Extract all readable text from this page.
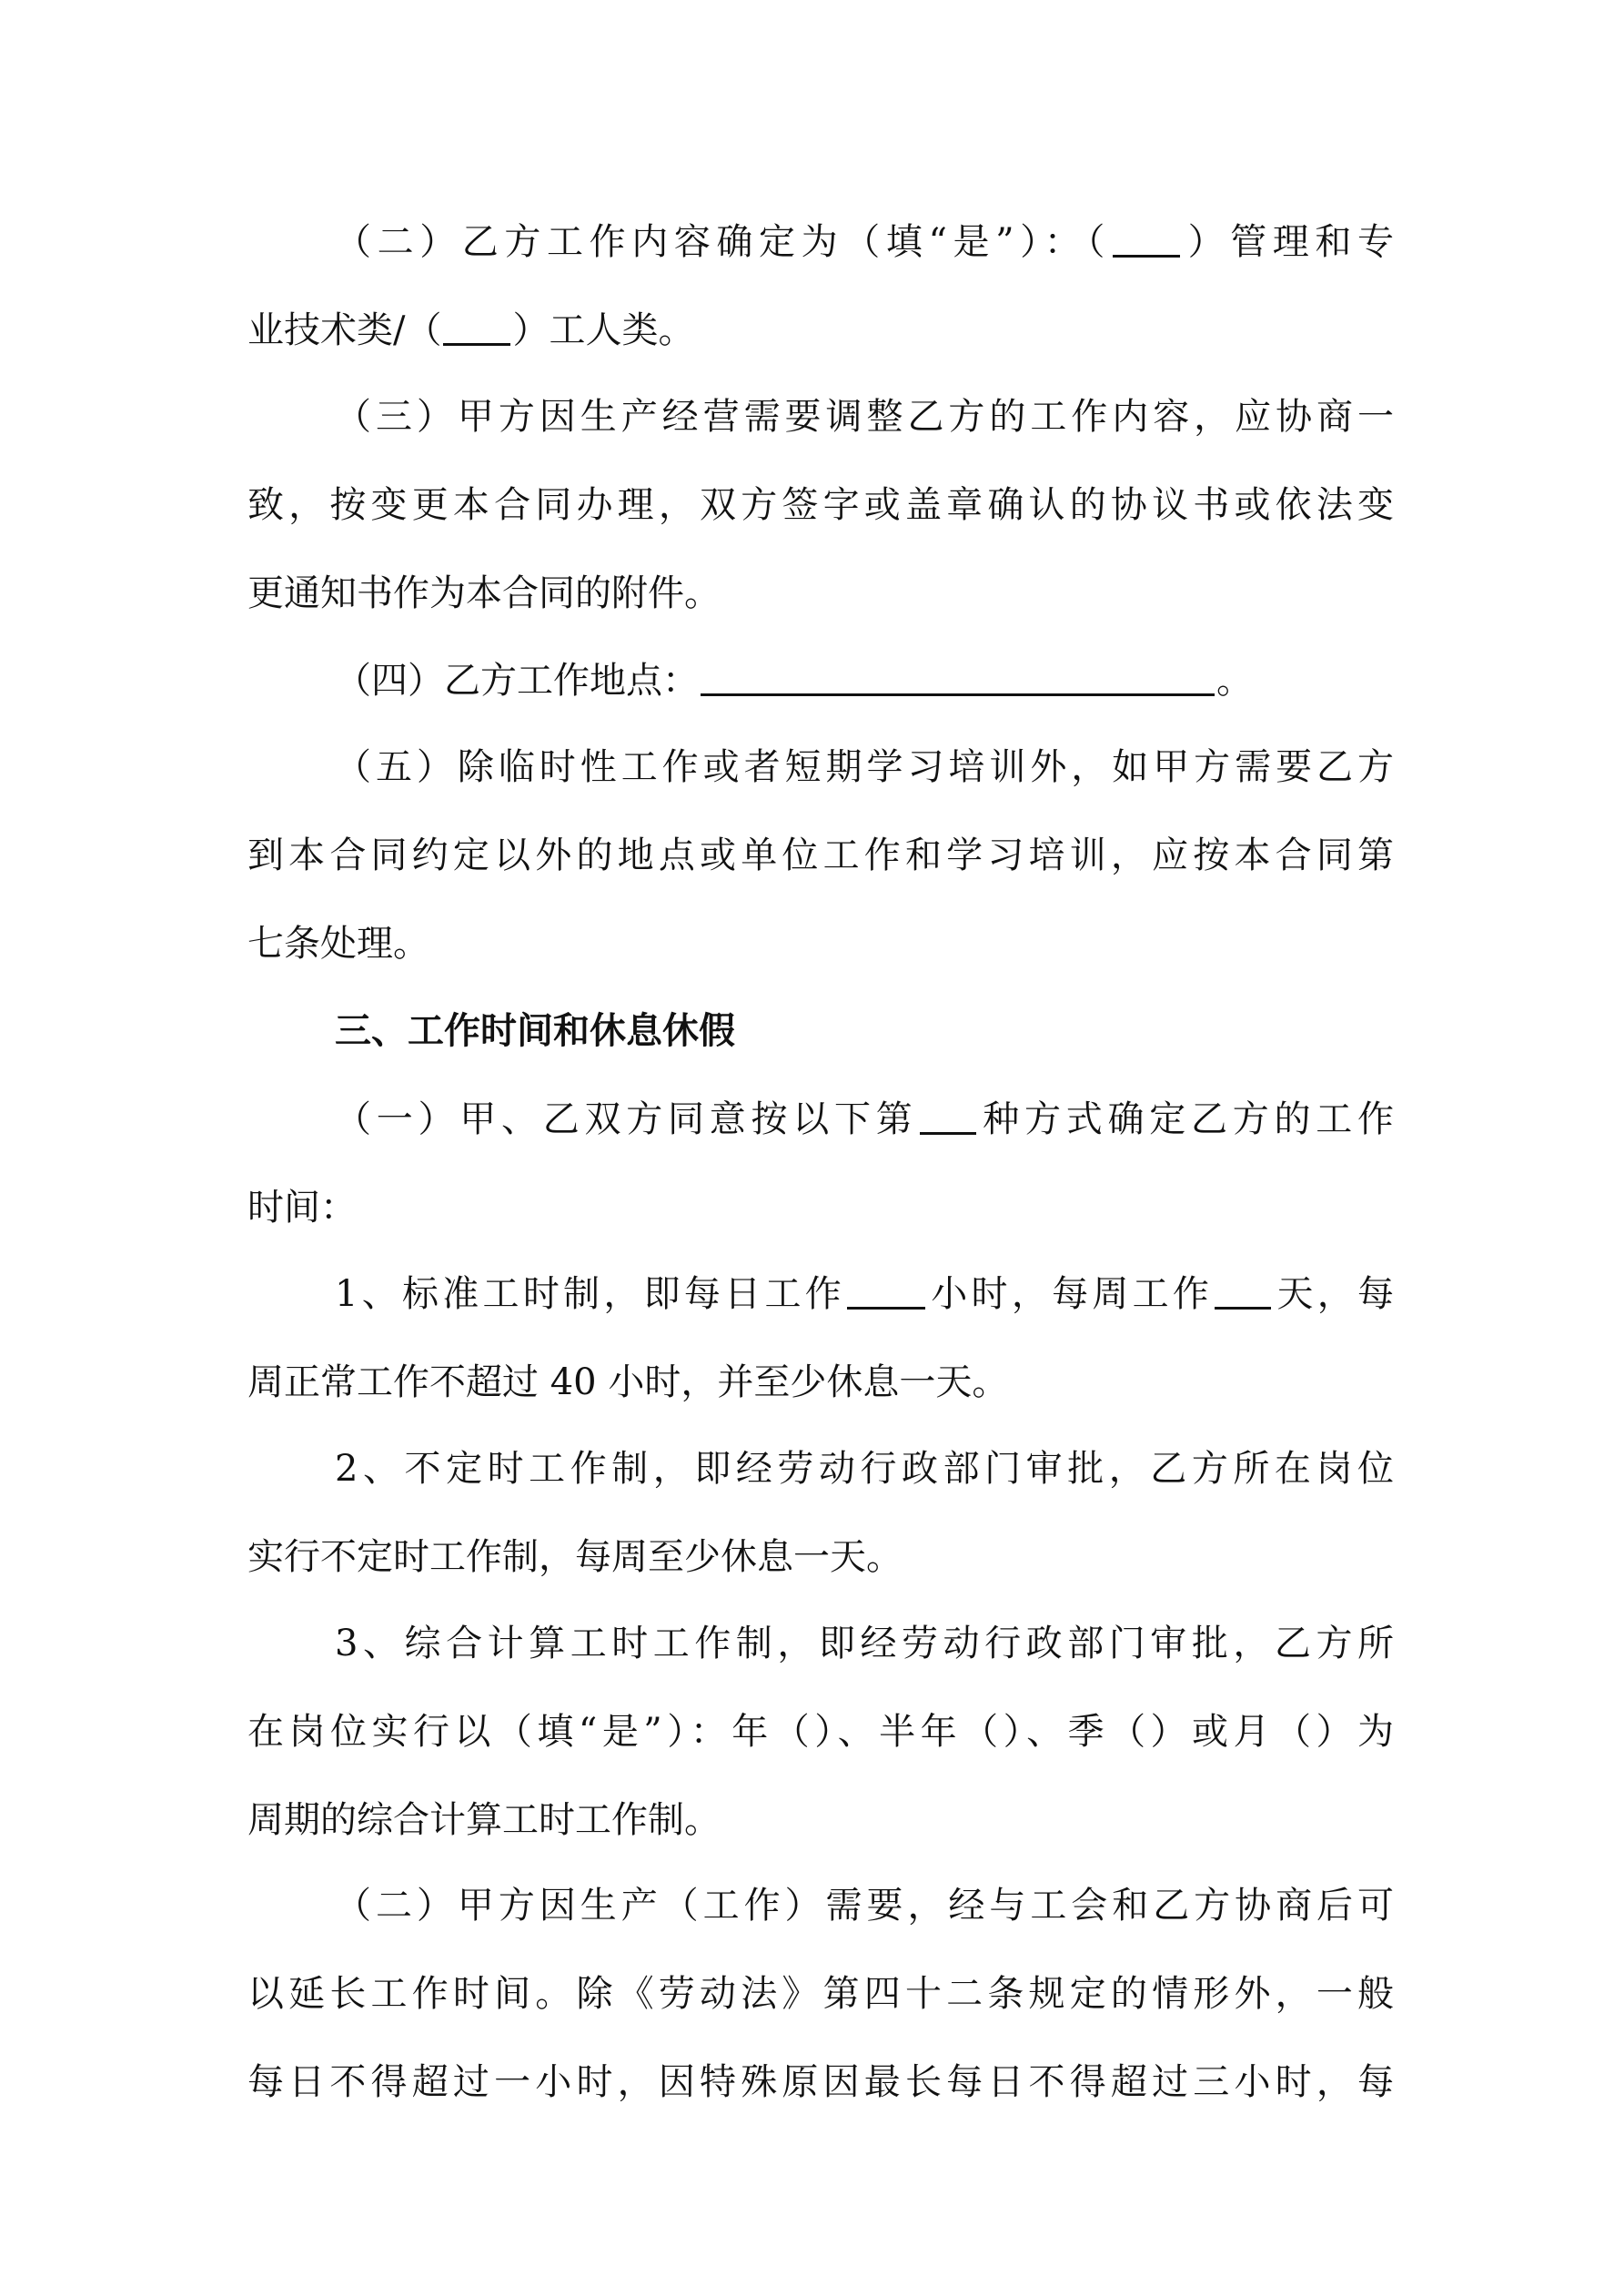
（二）乙方工作内容确定为（填“是”）：（ ）管理和专
业技术类/（ ）工人类。
（三）甲方因生产经营需要调整乙方的工作内容，应协商一
致，按变更本合同办理，双方签字或盖章确认的协议书或依法变
更通知书作为本合同的附件。
（四）乙方工作地点：	。
（五）除临时性工作或者短期学习培训外，如甲方需要乙方
到本合同约定以外的地点或单位工作和学习培训，应按本合同第
七条处理。
三、工作时间和休息休假
（一）甲、乙双方同意按以下第 种方式确定乙方的工作
时间：
1、标准工时制，即每日工作 小时，每周工作 天，每
周正常工作不超过 40 小时，并至少休息一天。
2、不定时工作制，即经劳动行政部门审批，乙方所在岗位
实行不定时工作制，每周至少休息一天。
3、综合计算工时工作制，即经劳动行政部门审批，乙方所
在岗位实行以（填“是”）：年（）、半年（）、季（）或月（）为
周期的综合计算工时工作制。
（二）甲方因生产（工作）需要，经与工会和乙方协商后可
以延长工作时间。除《劳动法》第四十二条规定的情形外，一般
每日不得超过一小时，因特殊原因最长每日不得超过三小时，每
